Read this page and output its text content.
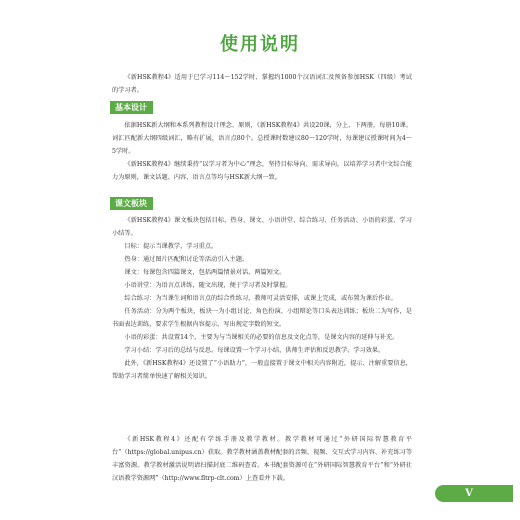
使用说明

《新HSK教程4》适用于已学习114～152学时、掌握约1000个汉语词汇及预备参加HSK（四级）考试的学习者。

基本设计

依据HSK新大纲和本系列教程设计理念、原则，《新HSK教程4》共设20课，分上、下两册，每册10课。词汇匹配新大纲四级词汇，略有扩展，语言点80个。总授课时数建议80～120学时，每课建议授课时间为4～5学时。

《新HSK教程4》继续秉持“以学习者为中心”理念，坚持目标导向、需求导向，以培养学习者中文综合能力为原则，课文话题、内容、语言点等均与HSK新大纲一致。

课文板块

《新HSK教程4》课文板块包括目标、热身、课文、小语讲堂、综合练习、任务活动、小语的彩蛋、学习小结等。

目标：提示当课教学、学习重点。

热身：通过图片匹配和讨论等活动引入主题。

课文：每课包含四篇课文，包括两篇情景对话、两篇短文。

小语讲堂：为语言点讲练，随文出现，便于学习者及时掌握。

综合练习：为当课生词和语言点的综合性练习，教师可灵活安排，或课上完成，或布置为课后作业。

任务活动：分为两个板块，板块一为小组讨论、角色扮演、小组辩论等口头表达训练；板块二为写作，是书面表达训练，要求学生根据内容提示，写出规定字数的短文。

小语的彩蛋：共设置14个，主要为与当课相关的必要的信息及文化点等，是课文内容的延伸与补充。

学习小结：学习后的总结与反思。每课设置一个学习小结，供师生评估和反思教学、学习效果。

此外，《新HSK教程4》还设置了“小语助力”，一般直接置于课文中相关内容附近，提示、注解重要信息，帮助学习者简单快速了解相关知识。

《新HSK教程4》还配有学练手册及教学教材。教学教材可通过“外研国际智慧教育平台”（https://global.unipus.cn）获取。教学教材涵盖教材配套的音频、视频、交互式学习内容、补充练习等丰富资源。教学教材激活说明请扫描封底二维码查看。本书配套资源可在“外研国际智慧教育平台”和“外研社汉语教学资源网”（http://www.fltrp-clt.com）上查看并下载。

V
